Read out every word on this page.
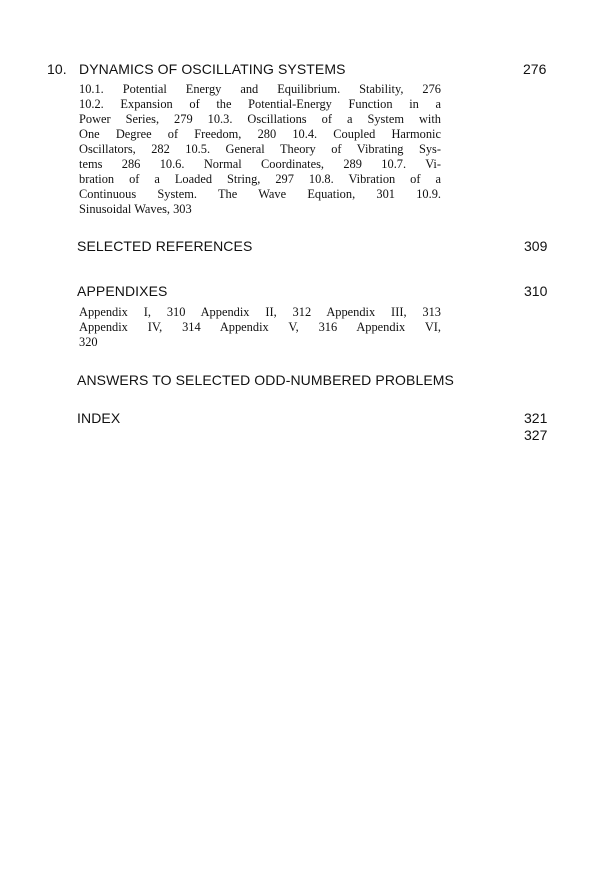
10. DYNAMICS OF OSCILLATING SYSTEMS	276
10.1. Potential Energy and Equilibrium. Stability, 276
10.2. Expansion of the Potential-Energy Function in a
Power Series, 279 10.3. Oscillations of a System with
One Degree of Freedom, 280 10.4. Coupled Harmonic
Oscillators, 282 10.5. General Theory of Vibrating Sys-
tems 286 10.6. Normal Coordinates, 289 10.7. Vi-
bration of a Loaded String, 297 10.8. Vibration of a
Continuous System. The Wave Equation, 301 10.9.
Sinusoidal Waves, 303
SELECTED REFERENCES	309
APPENDIXES	310
Appendix I, 310 Appendix II, 312 Appendix III, 313
Appendix IV, 314 Appendix V, 316 Appendix VI,
320
ANSWERS TO SELECTED ODD-NUMBERED PROBLEMS
INDEX	321
327
